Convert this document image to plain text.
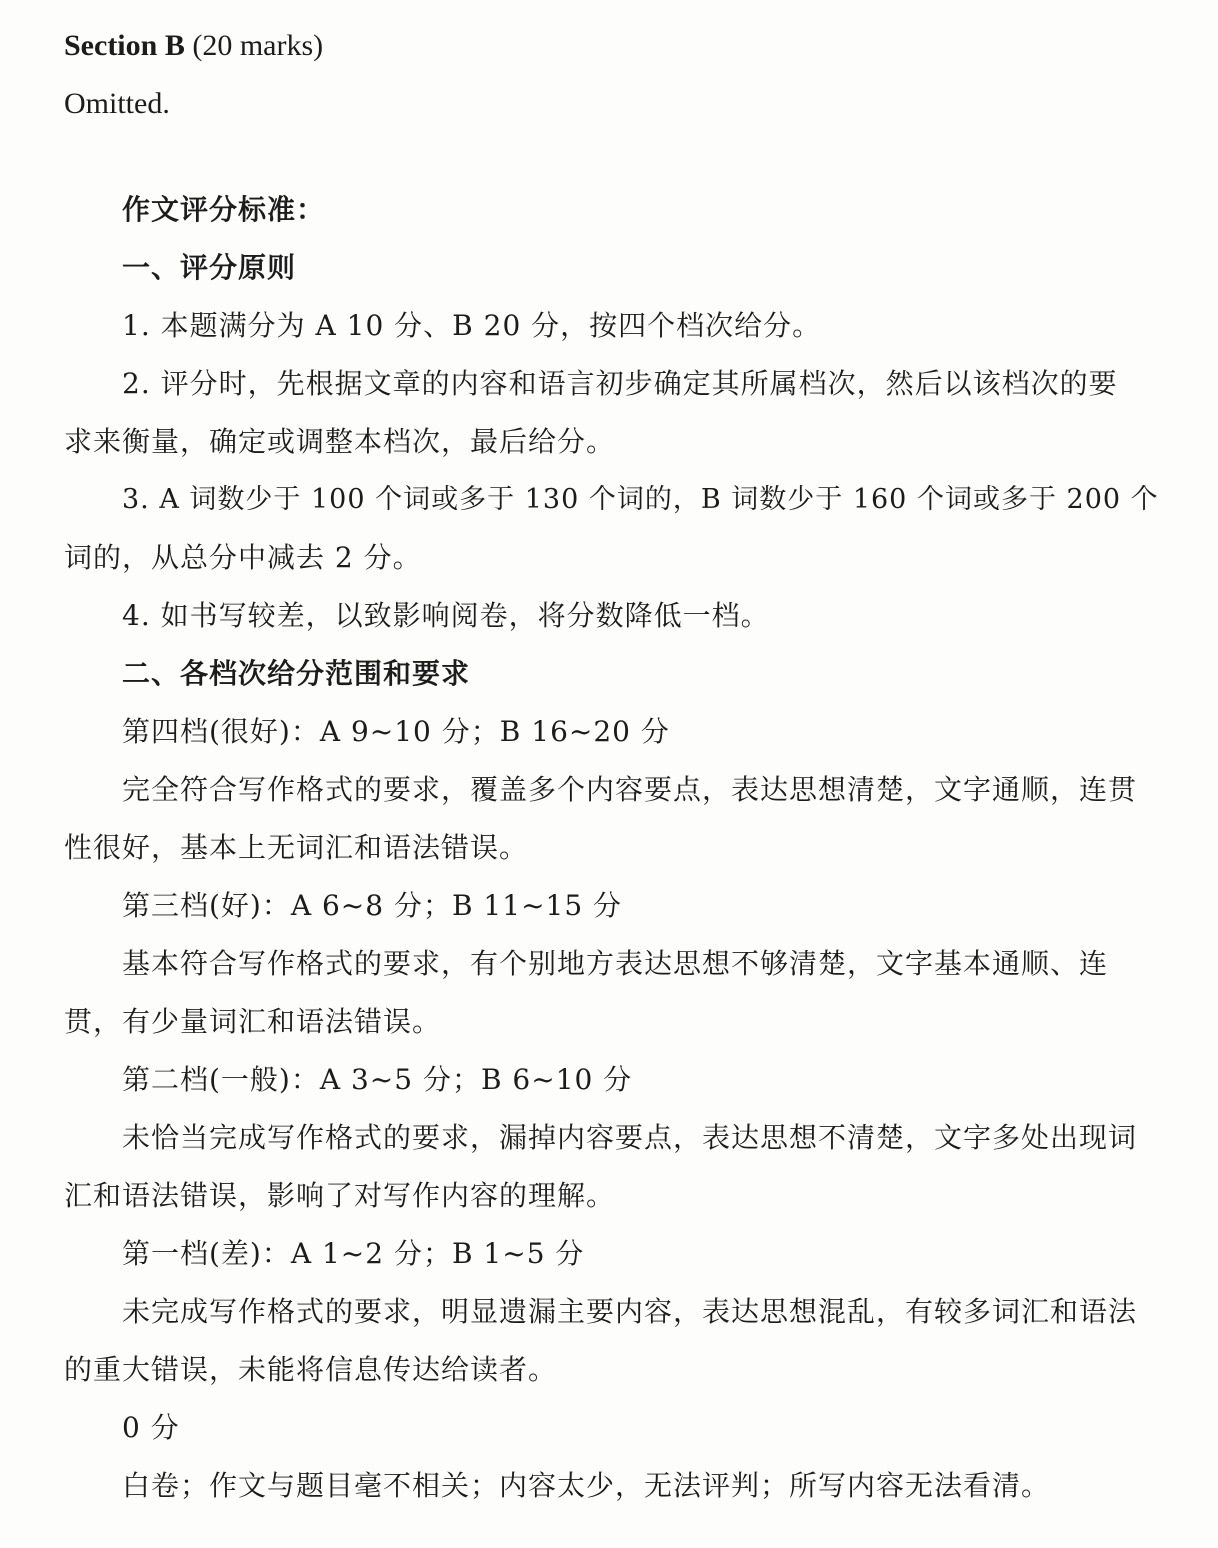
Section B (20 marks)
Omitted.
作文评分标准：
一、评分原则
1. 本题满分为 A 10 分、B 20 分，按四个档次给分。
2. 评分时，先根据文章的内容和语言初步确定其所属档次，然后以该档次的要
求来衡量，确定或调整本档次，最后给分。
3. A 词数少于 100 个词或多于 130 个词的，B 词数少于 160 个词或多于 200 个
词的，从总分中减去 2 分。
4. 如书写较差，以致影响阅卷，将分数降低一档。
二、各档次给分范围和要求
第四档(很好)：A 9~10 分；B 16~20 分
完全符合写作格式的要求，覆盖多个内容要点，表达思想清楚，文字通顺，连贯
性很好，基本上无词汇和语法错误。
第三档(好)：A 6~8 分；B 11~15 分
基本符合写作格式的要求，有个别地方表达思想不够清楚，文字基本通顺、连
贯，有少量词汇和语法错误。
第二档(一般)：A 3~5 分；B 6~10 分
未恰当完成写作格式的要求，漏掉内容要点，表达思想不清楚，文字多处出现词
汇和语法错误，影响了对写作内容的理解。
第一档(差)：A 1~2 分；B 1~5 分
未完成写作格式的要求，明显遗漏主要内容，表达思想混乱，有较多词汇和语法
的重大错误，未能将信息传达给读者。
0 分
白卷；作文与题目毫不相关；内容太少，无法评判；所写内容无法看清。
